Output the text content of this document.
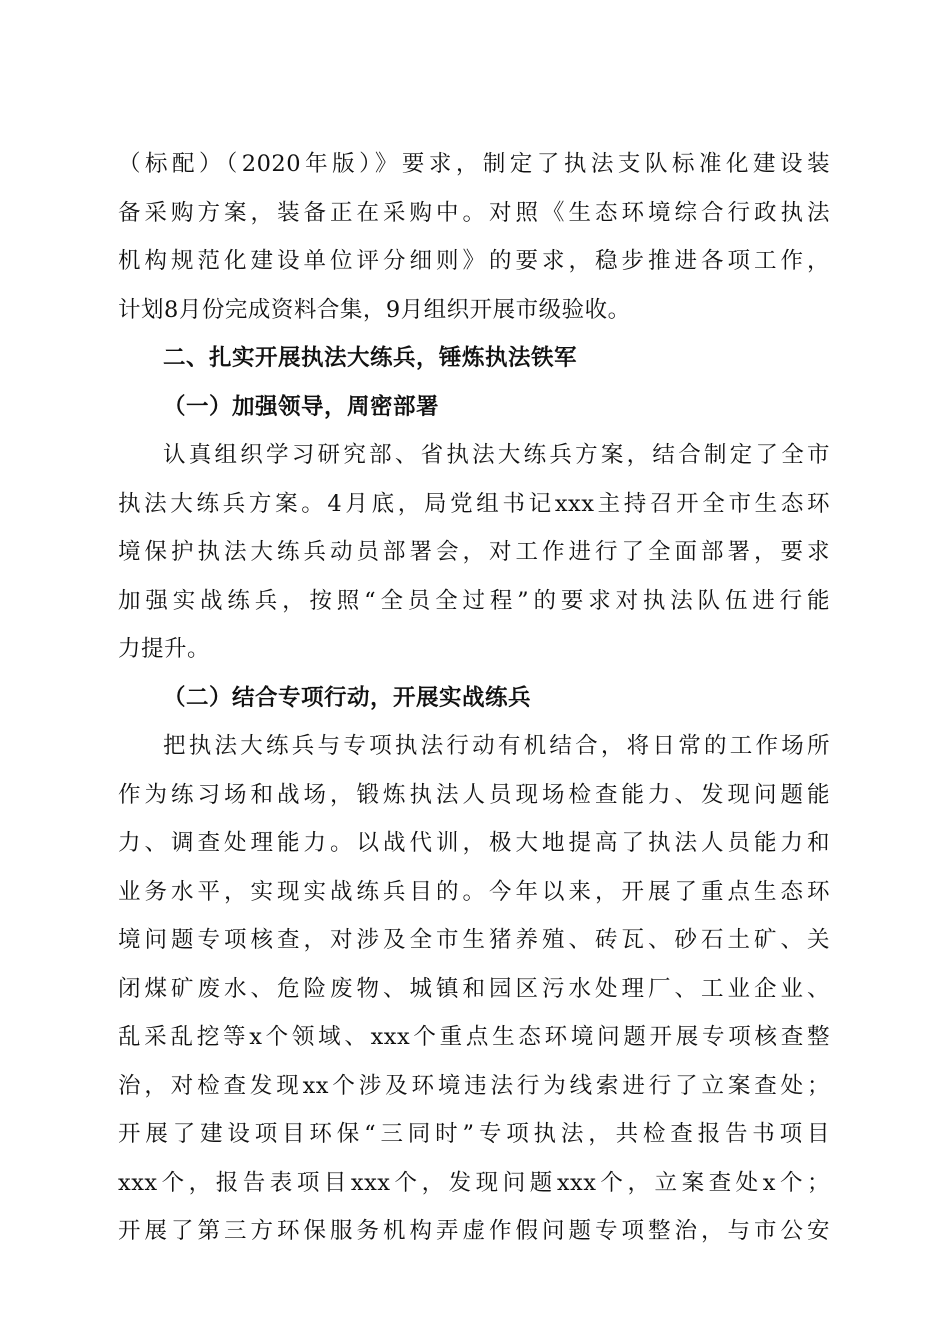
（标配）（2020年版）》要求，制定了执法支队标准化建设装
备采购方案，装备正在采购中。对照《生态环境综合行政执法
机构规范化建设单位评分细则》的要求，稳步推进各项工作，
计划8月份完成资料合集，9月组织开展市级验收。
二、扎实开展执法大练兵，锤炼执法铁军
（一）加强领导，周密部署
认真组织学习研究部、省执法大练兵方案，结合制定了全市
执法大练兵方案。4月底，局党组书记xxx主持召开全市生态环
境保护执法大练兵动员部署会，对工作进行了全面部署，要求
加强实战练兵，按照“全员全过程”的要求对执法队伍进行能
力提升。
（二）结合专项行动，开展实战练兵
把执法大练兵与专项执法行动有机结合，将日常的工作场所
作为练习场和战场，锻炼执法人员现场检查能力、发现问题能
力、调查处理能力。以战代训，极大地提高了执法人员能力和
业务水平，实现实战练兵目的。今年以来，开展了重点生态环
境问题专项核查，对涉及全市生猪养殖、砖瓦、砂石土矿、关
闭煤矿废水、危险废物、城镇和园区污水处理厂、工业企业、
乱采乱挖等x个领域、xxx个重点生态环境问题开展专项核查整
治，对检查发现xx个涉及环境违法行为线索进行了立案查处；
开展了建设项目环保“三同时”专项执法，共检查报告书项目
xxx个，报告表项目xxx个，发现问题xxx个，立案查处x个；
开展了第三方环保服务机构弄虚作假问题专项整治，与市公安
